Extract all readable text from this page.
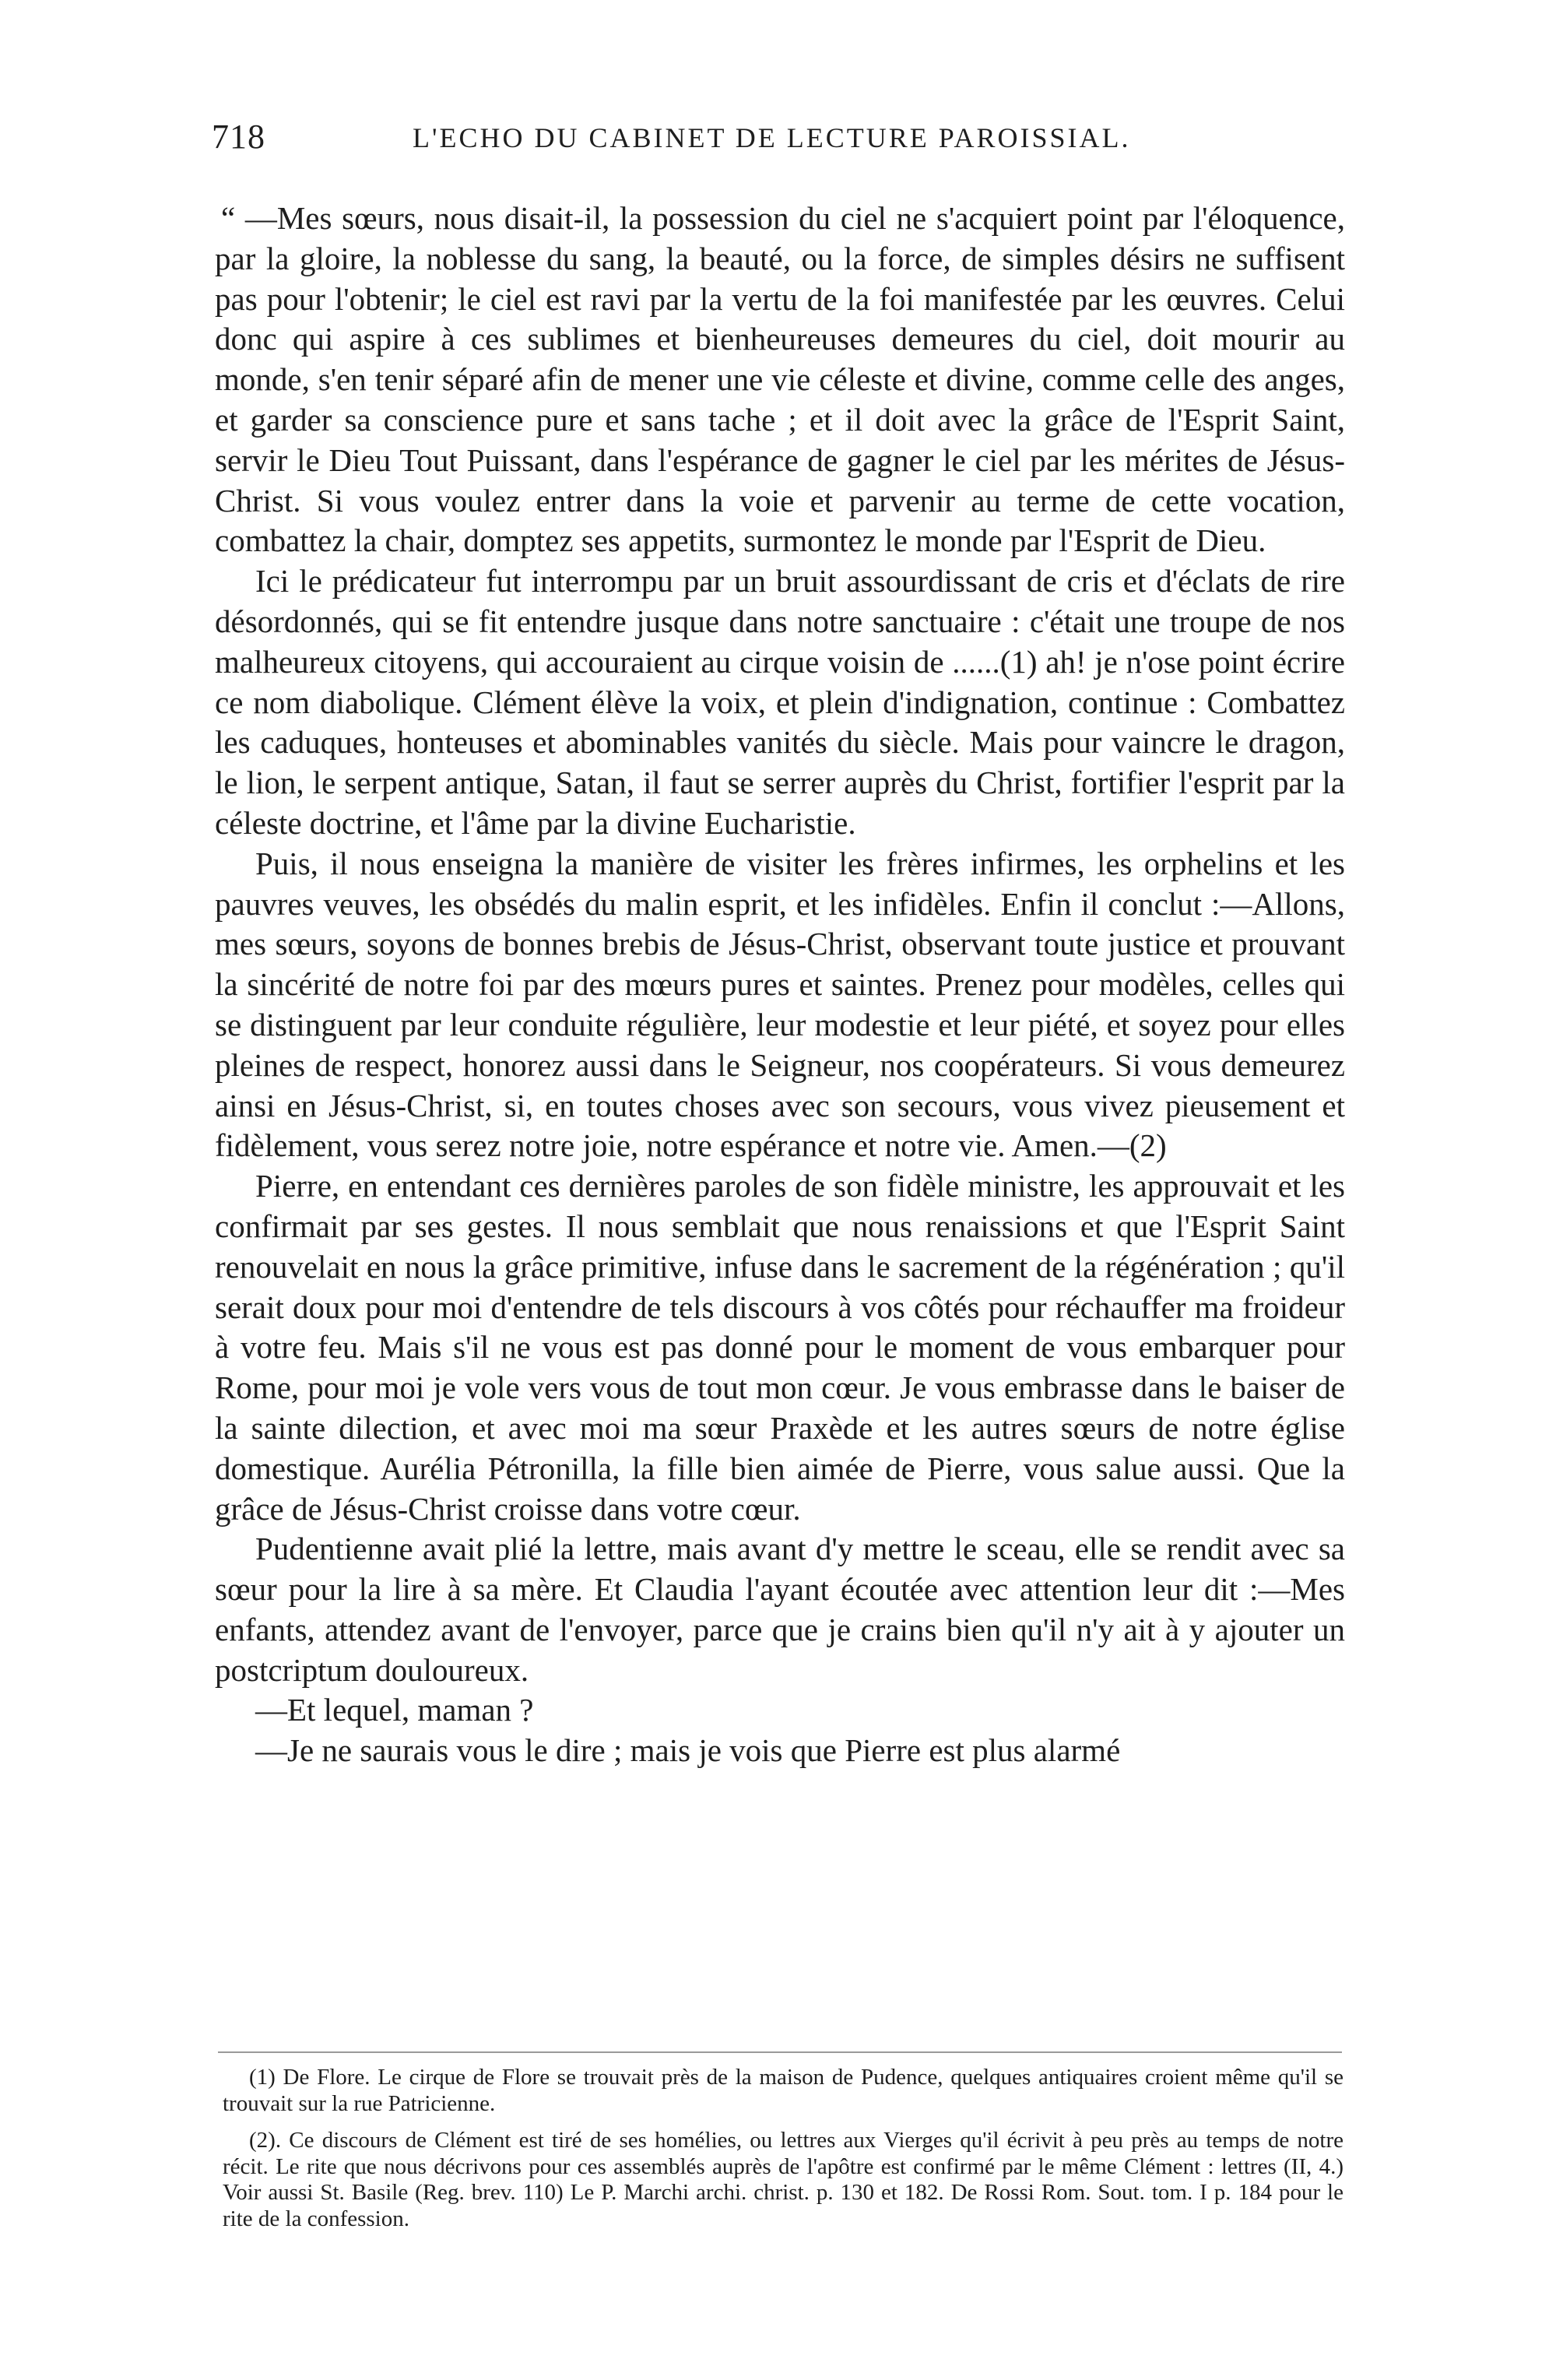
718	L'ECHO DU CABINET DE LECTURE PAROISSIAL.

“ —Mes sœurs, nous disait-il, la possession du ciel ne s'acquiert point par l'éloquence, par la gloire, la noblesse du sang, la beauté, ou la force, de simples désirs ne suffisent pas pour l'obtenir; le ciel est ravi par la vertu de la foi manifestée par les œuvres. Celui donc qui aspire à ces sublimes et bienheureuses demeures du ciel, doit mourir au monde, s'en tenir séparé afin de mener une vie céleste et divine, comme celle des anges, et garder sa conscience pure et sans tache ; et il doit avec la grâce de l'Esprit Saint, servir le Dieu Tout Puissant, dans l'espérance de gagner le ciel par les mérites de Jésus-Christ. Si vous voulez entrer dans la voie et parvenir au terme de cette vocation, combattez la chair, domptez ses appetits, surmontez le monde par l'Esprit de Dieu.

Ici le prédicateur fut interrompu par un bruit assourdissant de cris et d'éclats de rire désordonnés, qui se fit entendre jusque dans notre sanctuaire : c'était une troupe de nos malheureux citoyens, qui accouraient au cirque voisin de ......(1) ah! je n'ose point écrire ce nom diabolique. Clément élève la voix, et plein d'indignation, continue : Combattez les caduques, honteuses et abominables vanités du siècle. Mais pour vaincre le dragon, le lion, le serpent antique, Satan, il faut se serrer auprès du Christ, fortifier l'esprit par la céleste doctrine, et l'âme par la divine Eucharistie.

Puis, il nous enseigna la manière de visiter les frères infirmes, les orphelins et les pauvres veuves, les obsédés du malin esprit, et les infidèles. Enfin il conclut :—Allons, mes sœurs, soyons de bonnes brebis de Jésus-Christ, observant toute justice et prouvant la sincérité de notre foi par des mœurs pures et saintes. Prenez pour modèles, celles qui se distinguent par leur conduite régulière, leur modestie et leur piété, et soyez pour elles pleines de respect, honorez aussi dans le Seigneur, nos coopérateurs. Si vous demeurez ainsi en Jésus-Christ, si, en toutes choses avec son secours, vous vivez pieusement et fidèlement, vous serez notre joie, notre espérance et notre vie. Amen.—(2)

Pierre, en entendant ces dernières paroles de son fidèle ministre, les approuvait et les confirmait par ses gestes. Il nous semblait que nous renaissions et que l'Esprit Saint renouvelait en nous la grâce primitive, infuse dans le sacrement de la régénération ; qu'il serait doux pour moi d'entendre de tels discours à vos côtés pour réchauffer ma froideur à votre feu. Mais s'il ne vous est pas donné pour le moment de vous embarquer pour Rome, pour moi je vole vers vous de tout mon cœur. Je vous embrasse dans le baiser de la sainte dilection, et avec moi ma sœur Praxède et les autres sœurs de notre église domestique. Aurélia Pétronilla, la fille bien aimée de Pierre, vous salue aussi. Que la grâce de Jésus-Christ croisse dans votre cœur.

Pudentienne avait plié la lettre, mais avant d'y mettre le sceau, elle se rendit avec sa sœur pour la lire à sa mère. Et Claudia l'ayant écoutée avec attention leur dit :—Mes enfants, attendez avant de l'envoyer, parce que je crains bien qu'il n'y ait à y ajouter un postcriptum douloureux.

—Et lequel, maman ?

—Je ne saurais vous le dire ; mais je vois que Pierre est plus alarmé

(1) De Flore. Le cirque de Flore se trouvait près de la maison de Pudence, quelques antiquaires croient même qu'il se trouvait sur la rue Patricienne.

(2). Ce discours de Clément est tiré de ses homélies, ou lettres aux Vierges qu'il écrivit à peu près au temps de notre récit. Le rite que nous décrivons pour ces assemblés auprès de l'apôtre est confirmé par le même Clément : lettres (II, 4.) Voir aussi St. Basile (Reg. brev. 110) Le P. Marchi archi. christ. p. 130 et 182. De Rossi Rom. Sout. tom. I p. 184 pour le rite de la confession.
